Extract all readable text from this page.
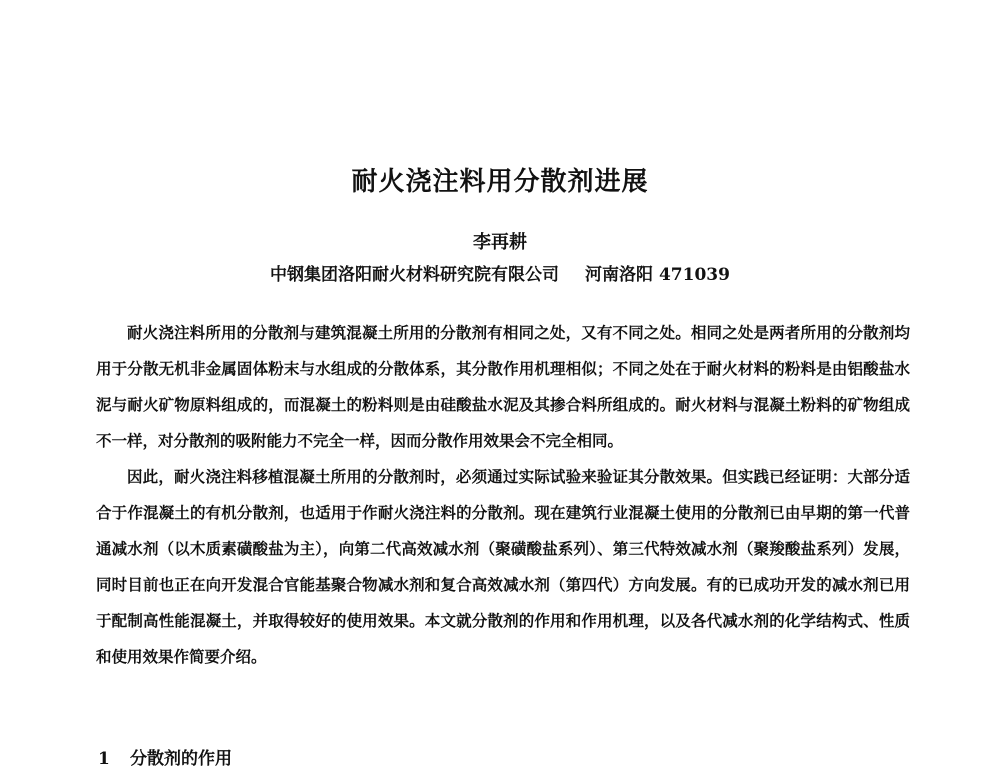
耐火浇注料用分散剂进展
李再耕
中钢集团洛阳耐火材料研究院有限公司 河南洛阳 471039

耐火浇注料所用的分散剂与建筑混凝土所用的分散剂有相同之处，又有不同之处。相同之处是两者所用的分散剂均用于分散无机非金属固体粉末与水组成的分散体系，其分散作用机理相似；不同之处在于耐火材料的粉料是由铝酸盐水泥与耐火矿物原料组成的，而混凝土的粉料则是由硅酸盐水泥及其掺合料所组成的。耐火材料与混凝土粉料的矿物组成不一样，对分散剂的吸附能力不完全一样，因而分散作用效果会不完全相同。

因此，耐火浇注料移植混凝土所用的分散剂时，必须通过实际试验来验证其分散效果。但实践已经证明：大部分适合于作混凝土的有机分散剂，也适用于作耐火浇注料的分散剂。现在建筑行业混凝土使用的分散剂已由早期的第一代普通减水剂（以木质素磺酸盐为主），向第二代高效减水剂（聚磺酸盐系列）、第三代特效减水剂（聚羧酸盐系列）发展，同时目前也正在向开发混合官能基聚合物减水剂和复合高效减水剂（第四代）方向发展。有的已成功开发的减水剂已用于配制高性能混凝土，并取得较好的使用效果。本文就分散剂的作用和作用机理，以及各代减水剂的化学结构式、性质和使用效果作简要介绍。

1 分散剂的作用
